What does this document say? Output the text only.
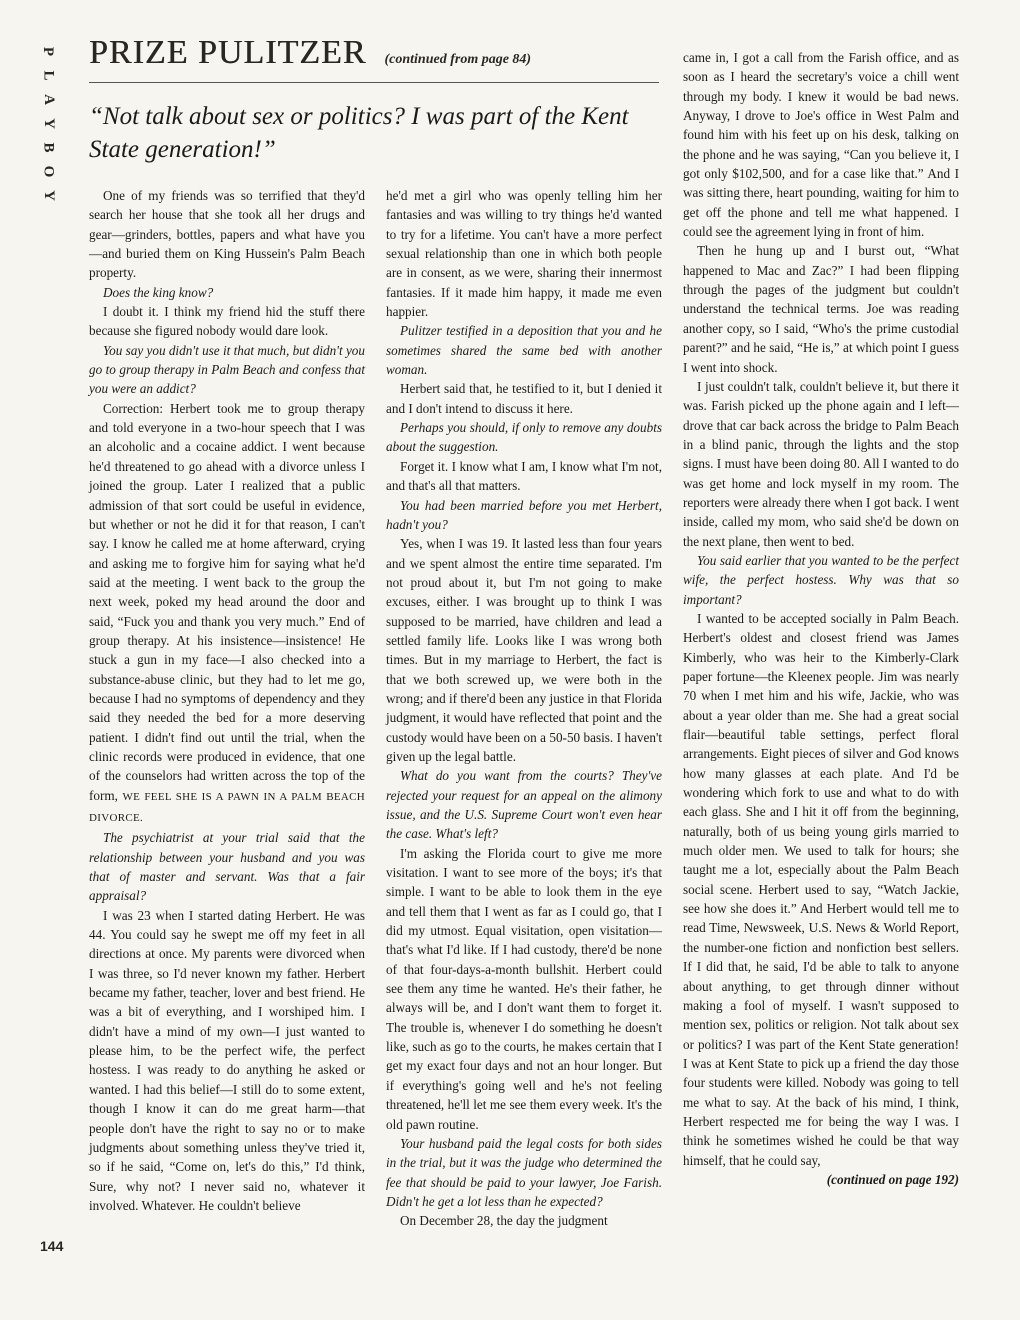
P
L
A
Y
B
O
Y
PRIZE PULITZER (continued from page 84)
“Not talk about sex or politics? I was part of the Kent State generation!”

One of my friends was so terrified that they'd search her house that she took all her drugs and gear—grinders, bottles, papers and what have you—and buried them on King Hussein's Palm Beach property.

Does the king know?

I doubt it. I think my friend hid the stuff there because she figured nobody would dare look.

You say you didn't use it that much, but didn't you go to group therapy in Palm Beach and confess that you were an addict?

Correction: Herbert took me to group therapy and told everyone in a two-hour speech that I was an alcoholic and a cocaine addict. I went because he'd threatened to go ahead with a divorce unless I joined the group. Later I realized that a public admission of that sort could be useful in evidence, but whether or not he did it for that reason, I can't say. I know he called me at home afterward, crying and asking me to forgive him for saying what he'd said at the meeting. I went back to the group the next week, poked my head around the door and said, “Fuck you and thank you very much.” End of group therapy. At his insistence—insistence! He stuck a gun in my face—I also checked into a substance-abuse clinic, but they had to let me go, because I had no symptoms of dependency and they said they needed the bed for a more deserving patient. I didn't find out until the trial, when the clinic records were produced in evidence, that one of the counselors had written across the top of the form, WE FEEL SHE IS A PAWN IN A PALM BEACH DIVORCE.

The psychiatrist at your trial said that the relationship between your husband and you was that of master and servant. Was that a fair appraisal?

I was 23 when I started dating Herbert. He was 44. You could say he swept me off my feet in all directions at once. My parents were divorced when I was three, so I'd never known my father. Herbert became my father, teacher, lover and best friend. He was a bit of everything, and I worshiped him. I didn't have a mind of my own—I just wanted to please him, to be the perfect wife, the perfect hostess. I was ready to do anything he asked or wanted. I had this belief—I still do to some extent, though I know it can do me great harm—that people don't have the right to say no or to make judgments about something unless they've tried it, so if he said, “Come on, let's do this,” I'd think, Sure, why not? I never said no, whatever it involved. Whatever. He couldn't believe

he'd met a girl who was openly telling him her fantasies and was willing to try things he'd wanted to try for a lifetime. You can't have a more perfect sexual relationship than one in which both people are in consent, as we were, sharing their innermost fantasies. If it made him happy, it made me even happier.

Pulitzer testified in a deposition that you and he sometimes shared the same bed with another woman.

Herbert said that, he testified to it, but I denied it and I don't intend to discuss it here.

Perhaps you should, if only to remove any doubts about the suggestion.

Forget it. I know what I am, I know what I'm not, and that's all that matters.

You had been married before you met Herbert, hadn't you?

Yes, when I was 19. It lasted less than four years and we spent almost the entire time separated. I'm not proud about it, but I'm not going to make excuses, either. I was brought up to think I was supposed to be married, have children and lead a settled family life. Looks like I was wrong both times. But in my marriage to Herbert, the fact is that we both screwed up, we were both in the wrong; and if there'd been any justice in that Florida judgment, it would have reflected that point and the custody would have been on a 50-50 basis. I haven't given up the legal battle.

What do you want from the courts? They've rejected your request for an appeal on the alimony issue, and the U.S. Supreme Court won't even hear the case. What's left?

I'm asking the Florida court to give me more visitation. I want to see more of the boys; it's that simple. I want to be able to look them in the eye and tell them that I went as far as I could go, that I did my utmost. Equal visitation, open visitation—that's what I'd like. If I had custody, there'd be none of that four-days-a-month bullshit. Herbert could see them any time he wanted. He's their father, he always will be, and I don't want them to forget it. The trouble is, whenever I do something he doesn't like, such as go to the courts, he makes certain that I get my exact four days and not an hour longer. But if everything's going well and he's not feeling threatened, he'll let me see them every week. It's the old pawn routine.

Your husband paid the legal costs for both sides in the trial, but it was the judge who determined the fee that should be paid to your lawyer, Joe Farish. Didn't he get a lot less than he expected?

On December 28, the day the judgment

came in, I got a call from the Farish office, and as soon as I heard the secretary's voice a chill went through my body. I knew it would be bad news. Anyway, I drove to Joe's office in West Palm and found him with his feet up on his desk, talking on the phone and he was saying, “Can you believe it, I got only $102,500, and for a case like that.” And I was sitting there, heart pounding, waiting for him to get off the phone and tell me what happened. I could see the agreement lying in front of him.

Then he hung up and I burst out, “What happened to Mac and Zac?” I had been flipping through the pages of the judgment but couldn't understand the technical terms. Joe was reading another copy, so I said, “Who's the prime custodial parent?” and he said, “He is,” at which point I guess I went into shock.

I just couldn't talk, couldn't believe it, but there it was. Farish picked up the phone again and I left—drove that car back across the bridge to Palm Beach in a blind panic, through the lights and the stop signs. I must have been doing 80. All I wanted to do was get home and lock myself in my room. The reporters were already there when I got back. I went inside, called my mom, who said she'd be down on the next plane, then went to bed.

You said earlier that you wanted to be the perfect wife, the perfect hostess. Why was that so important?

I wanted to be accepted socially in Palm Beach. Herbert's oldest and closest friend was James Kimberly, who was heir to the Kimberly-Clark paper fortune—the Kleenex people. Jim was nearly 70 when I met him and his wife, Jackie, who was about a year older than me. She had a great social flair—beautiful table settings, perfect floral arrangements. Eight pieces of silver and God knows how many glasses at each plate. And I'd be wondering which fork to use and what to do with each glass. She and I hit it off from the beginning, naturally, both of us being young girls married to much older men. We used to talk for hours; she taught me a lot, especially about the Palm Beach social scene. Herbert used to say, “Watch Jackie, see how she does it.” And Herbert would tell me to read Time, Newsweek, U.S. News & World Report, the number-one fiction and nonfiction best sellers. If I did that, he said, I'd be able to talk to anyone about anything, to get through dinner without making a fool of myself. I wasn't supposed to mention sex, politics or religion. Not talk about sex or politics? I was part of the Kent State generation! I was at Kent State to pick up a friend the day those four students were killed. Nobody was going to tell me what to say. At the back of his mind, I think, Herbert respected me for being the way I was. I think he sometimes wished he could be that way himself, that he could say,

(continued on page 192)

144
